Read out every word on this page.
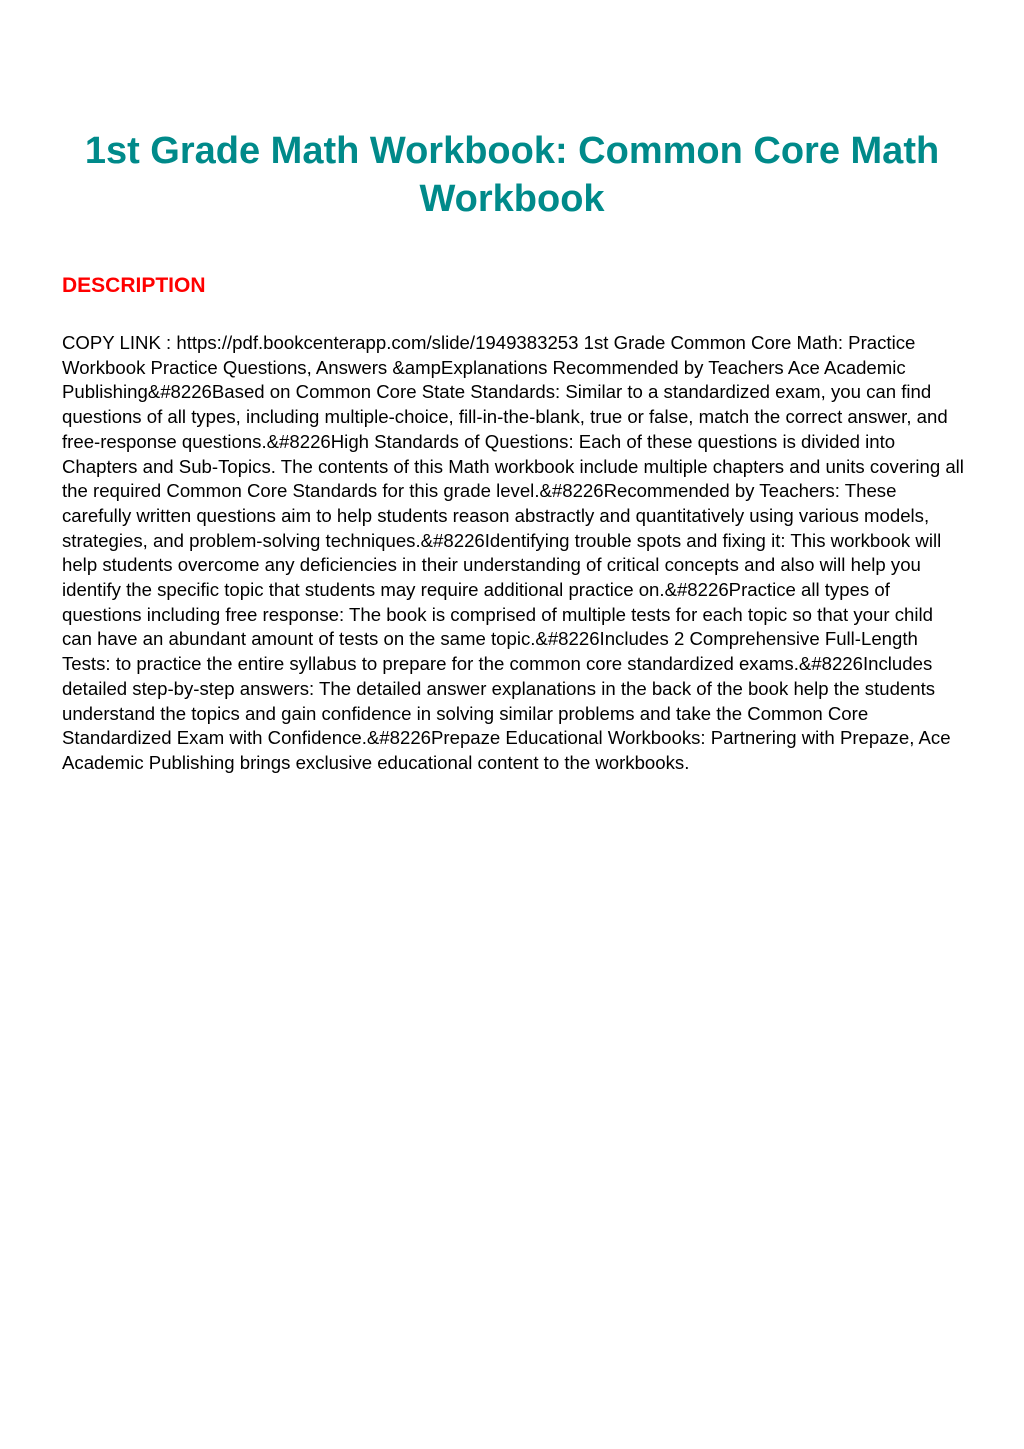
1st Grade Math Workbook: Common Core Math Workbook
DESCRIPTION

COPY LINK : https://pdf.bookcenterapp.com/slide/1949383253 1st Grade Common Core Math: Practice Workbook Practice Questions, Answers &ampExplanations Recommended by Teachers Ace Academic Publishing&#8226Based on Common Core State Standards: Similar to a standardized exam, you can find questions of all types, including multiple-choice, fill-in-the-blank, true or false, match the correct answer, and free-response questions.&#8226High Standards of Questions: Each of these questions is divided into Chapters and Sub-Topics. The contents of this Math workbook include multiple chapters and units covering all the required Common Core Standards for this grade level.&#8226Recommended by Teachers: These carefully written questions aim to help students reason abstractly and quantitatively using various models, strategies, and problem-solving techniques.&#8226Identifying trouble spots and fixing it: This workbook will help students overcome any deficiencies in their understanding of critical concepts and also will help you identify the specific topic that students may require additional practice on.&#8226Practice all types of questions including free response: The book is comprised of multiple tests for each topic so that your child can have an abundant amount of tests on the same topic.&#8226Includes 2 Comprehensive Full-Length Tests: to practice the entire syllabus to prepare for the common core standardized exams.&#8226Includes detailed step-by-step answers: The detailed answer explanations in the back of the book help the students understand the topics and gain confidence in solving similar problems and take the Common Core Standardized Exam with Confidence.&#8226Prepaze Educational Workbooks: Partnering with Prepaze, Ace Academic Publishing brings exclusive educational content to the workbooks.
